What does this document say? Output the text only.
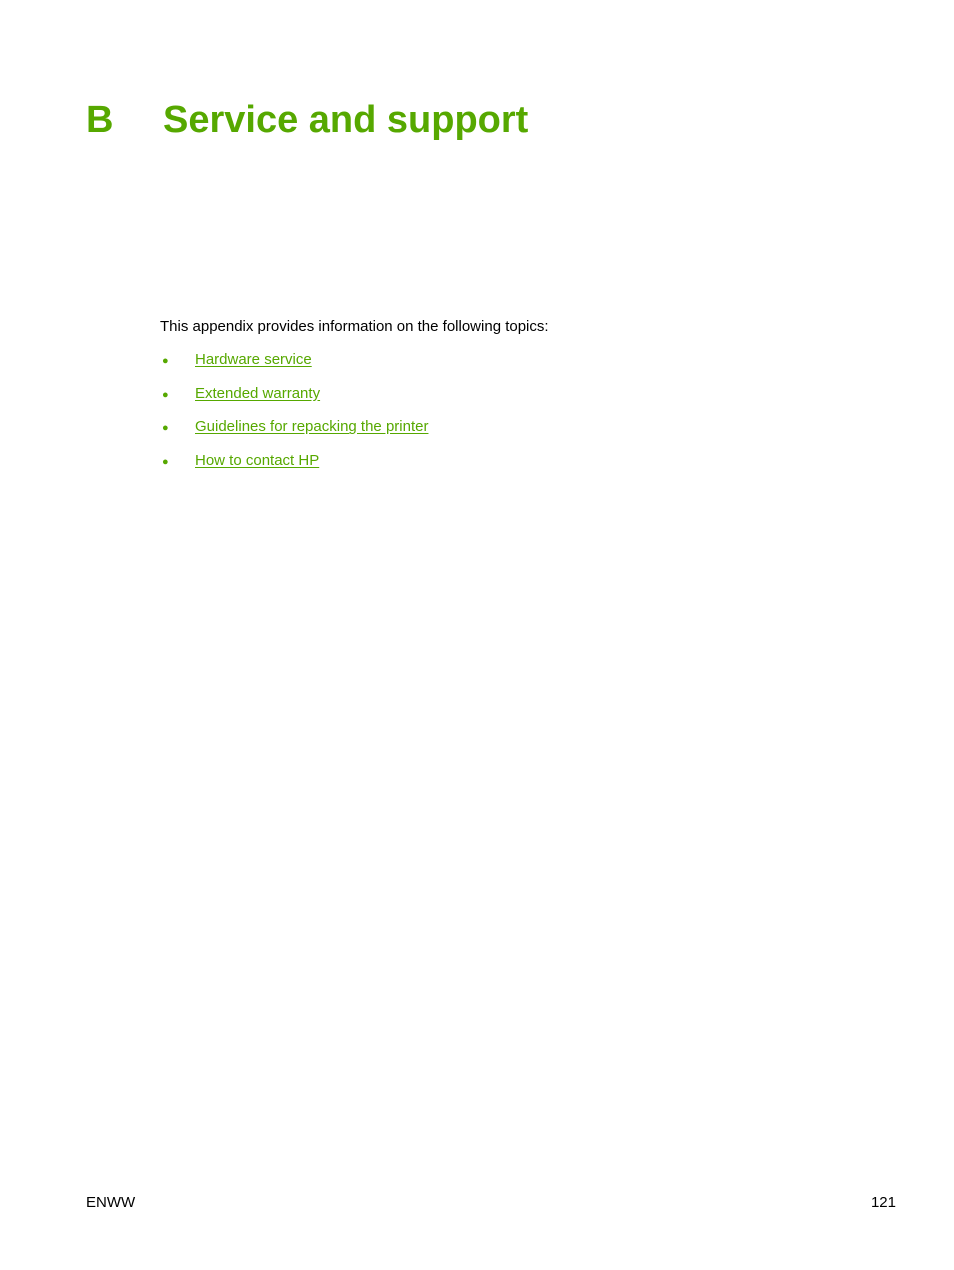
B Service and support

This appendix provides information on the following topics:

● Hardware service
● Extended warranty
● Guidelines for repacking the printer
● How to contact HP
ENWW	121
